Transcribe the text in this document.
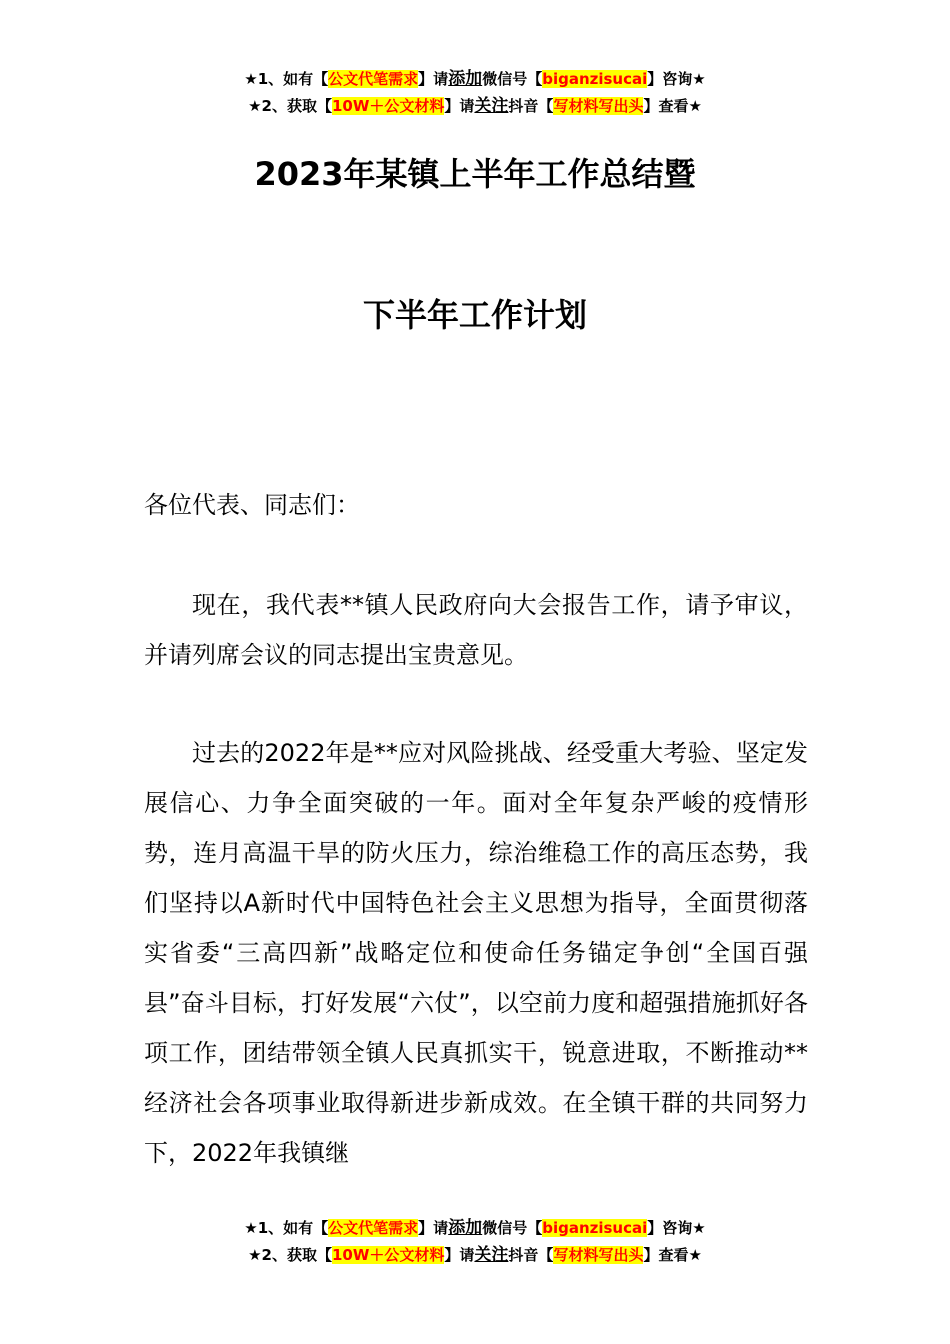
★1、如有【公文代笔需求】请添加微信号【biganzisucai】咨询★
★2、获取【10W＋公文材料】请关注抖音【写材料写出头】查看★
2023年某镇上半年工作总结暨
下半年工作计划
各位代表、同志们：
现在，我代表**镇人民政府向大会报告工作，请予审议，并请列席会议的同志提出宝贵意见。
过去的2022年是**应对风险挑战、经受重大考验、坚定发展信心、力争全面突破的一年。面对全年复杂严峻的疫情形势，连月高温干旱的防火压力，综治维稳工作的高压态势，我们坚持以A新时代中国特色社会主义思想为指导，全面贯彻落实省委“三高四新”战略定位和使命任务锚定争创“全国百强县”奋斗目标，打好发展“六仗”，以空前力度和超强措施抓好各项工作，团结带领全镇人民真抓实干，锐意进取，不断推动**经济社会各项事业取得新进步新成效。在全镇干群的共同努力下，2022年我镇继
★1、如有【公文代笔需求】请添加微信号【biganzisucai】咨询★
★2、获取【10W＋公文材料】请关注抖音【写材料写出头】查看★
